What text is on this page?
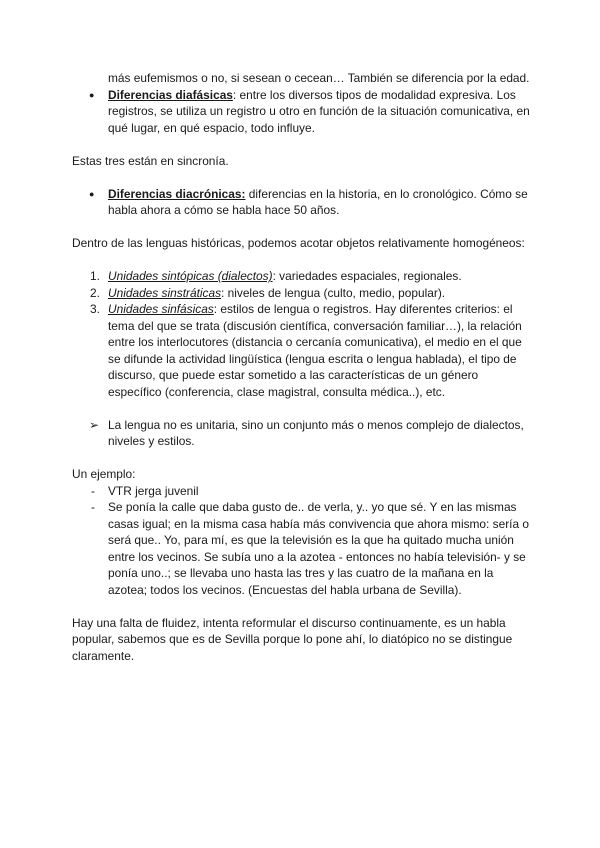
más eufemismos o no, si sesean o cecean… También se diferencia por la edad.

● Diferencias diafásicas: entre los diversos tipos de modalidad expresiva. Los registros, se utiliza un registro u otro en función de la situación comunicativa, en qué lugar, en qué espacio, todo influye.

Estas tres están en sincronía.

● Diferencias diacrónicas: diferencias en la historia, en lo cronológico. Cómo se habla ahora a cómo se habla hace 50 años.

Dentro de las lenguas históricas, podemos acotar objetos relativamente homogéneos:

1. Unidades sintópicas (dialectos): variedades espaciales, regionales.
2. Unidades sinstráticas: niveles de lengua (culto, medio, popular).
3. Unidades sinfásicas: estilos de lengua o registros. Hay diferentes criterios: el tema del que se trata (discusión científica, conversación familiar…), la relación entre los interlocutores (distancia o cercanía comunicativa), el medio en el que se difunde la actividad lingüística (lengua escrita o lengua hablada), el tipo de discurso, que puede estar sometido a las características de un género específico (conferencia, clase magistral, consulta médica..), etc.
➢ La lengua no es unitaria, sino un conjunto más o menos complejo de dialectos, niveles y estilos.

Un ejemplo:

- VTR jerga juvenil
- Se ponía la calle que daba gusto de.. de verla, y.. yo que sé. Y en las mismas casas igual; en la misma casa había más convivencia que ahora mismo: sería o será que.. Yo, para mí, es que la televisión es la que ha quitado mucha unión entre los vecinos. Se subía uno a la azotea - entonces no había televisión- y se ponía uno..; se llevaba uno hasta las tres y las cuatro de la mañana en la azotea; todos los vecinos. (Encuestas del habla urbana de Sevilla).

Hay una falta de fluidez, intenta reformular el discurso continuamente, es un habla popular, sabemos que es de Sevilla porque lo pone ahí, lo diatópico no se distingue claramente.
